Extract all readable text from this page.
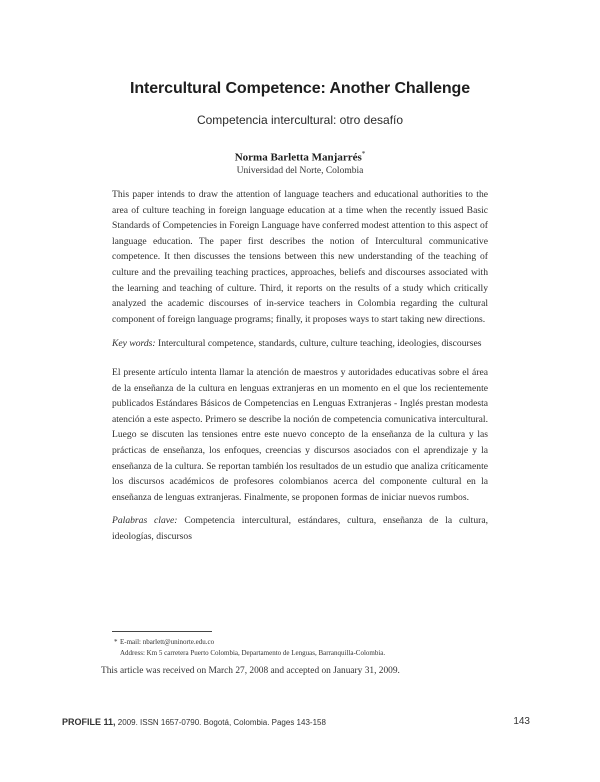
Intercultural Competence: Another Challenge
Competencia intercultural: otro desafío
Norma Barletta Manjarrés*
Universidad del Norte, Colombia

This paper intends to draw the attention of language teachers and educational authorities to the area of culture teaching in foreign language education at a time when the recently issued Basic Standards of Competencies in Foreign Language have conferred modest attention to this aspect of language education. The paper first describes the notion of Intercultural communicative competence. It then discusses the tensions between this new understanding of the teaching of culture and the prevailing teaching practices, approaches, beliefs and discourses associated with the learning and teaching of culture. Third, it reports on the results of a study which critically analyzed the academic discourses of in-service teachers in Colombia regarding the cultural component of foreign language programs; finally, it proposes ways to start taking new directions.

Key words: Intercultural competence, standards, culture, culture teaching, ideologies, discourses

El presente artículo intenta llamar la atención de maestros y autoridades educativas sobre el área de la enseñanza de la cultura en lenguas extranjeras en un momento en el que los recientemente publicados Estándares Básicos de Competencias en Lenguas Extranjeras - Inglés prestan modesta atención a este aspecto. Primero se describe la noción de competencia comunicativa intercultural. Luego se discuten las tensiones entre este nuevo concepto de la enseñanza de la cultura y las prácticas de enseñanza, los enfoques, creencias y discursos asociados con el aprendizaje y la enseñanza de la cultura. Se reportan también los resultados de un estudio que analiza críticamente los discursos académicos de profesores colombianos acerca del componente cultural en la enseñanza de lenguas extranjeras. Finalmente, se proponen formas de iniciar nuevos rumbos.

Palabras clave: Competencia intercultural, estándares, cultura, enseñanza de la cultura, ideologías, discursos

* E-mail: nbarlett@uninorte.edu.co
Address: Km 5 carretera Puerto Colombia, Departamento de Lenguas, Barranquilla-Colombia.
This article was received on March 27, 2008 and accepted on January 31, 2009.
PROFILE 11, 2009. ISSN 1657-0790. Bogotá, Colombia. Pages 143-158	143
